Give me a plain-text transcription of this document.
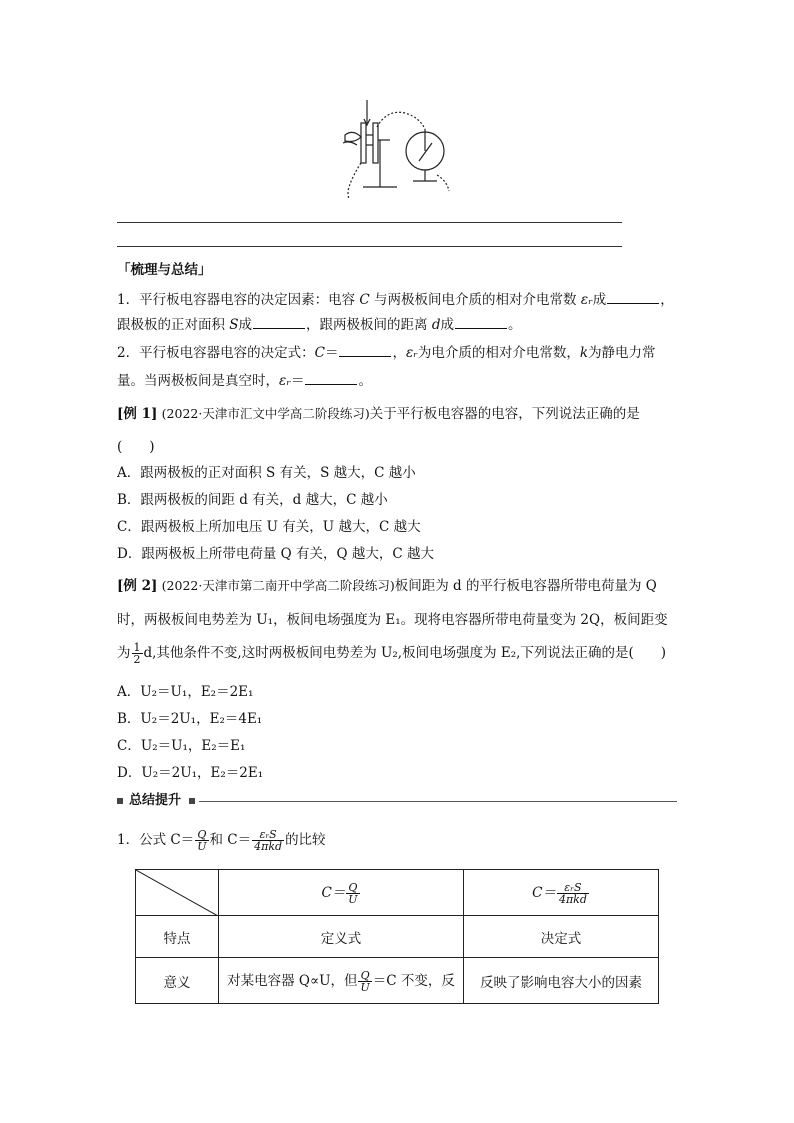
「梳理与总结」
1．平行板电容器电容的决定因素：电容 C 与两极板间电介质的相对介电常数 εᵣ成	，
跟极板的正对面积 S成	，跟两极板间的距离 d成	。
2．平行板电容器电容的决定式：C＝	，εᵣ为电介质的相对介电常数，k为静电力常
量。当两极板间是真空时，εᵣ＝	。
[例 1] (2022·天津市汇文中学高二阶段练习)关于平行板电容器的电容，下列说法正确的是
(　　)
A．跟两极板的正对面积 S 有关，S 越大，C 越小
B．跟两极板的间距 d 有关，d 越大，C 越小
C．跟两极板上所加电压 U 有关，U 越大，C 越大
D．跟两极板上所带电荷量 Q 有关，Q 越大，C 越大
[例 2] (2022·天津市第二南开中学高二阶段练习)板间距为 d 的平行板电容器所带电荷量为 Q
时，两极板间电势差为 U₁，板间电场强度为 E₁。现将电容器所带电荷量变为 2Q，板间距变
为 $\frac{1}{2} d$,其他条件不变,这时两极板间电势差为 U₂,板间电场强度为 E₂,下列说法正确的是(　　)
A．U₂＝U₁，E₂＝2E₁
B．U₂＝2U₁，E₂＝4E₁
C．U₂＝U₁，E₂＝E₁
D．U₂＝2U₁，E₂＝2E₁
总结提升
1．公式 $C= \frac{Q}{U}$ 和 $C= \frac{\text{εᵣS}}{\text{4πkd}}$ 的比较
	$C= \frac{Q}{U}$	$C= \frac{\text{εᵣS}}{\text{4πkd}}$

特点	定义式	决定式
意义	对某电容器 Q∝U，但 $\frac{Q}{U} =C$ 不变，反	反映了影响电容大小的因素
